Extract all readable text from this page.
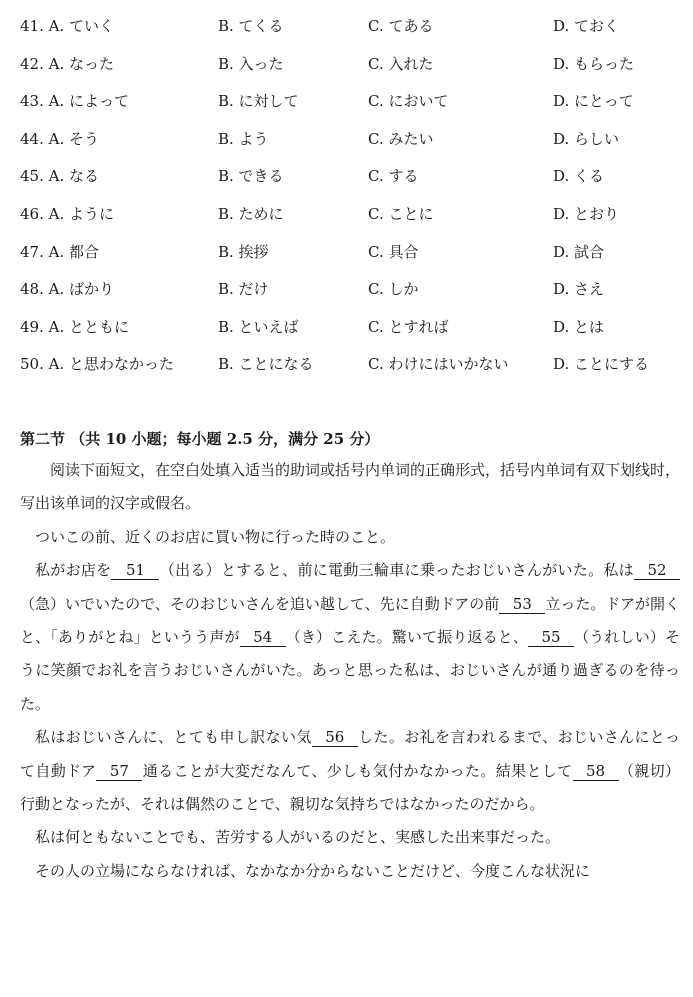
41. A. ていく	B. てくる	C. てある	D. ておく
42. A. なった	B. 入った	C. 入れた	D. もらった
43. A. によって	B. に対して	C. において	D. にとって
44. A. そう	B. よう	C. みたい	D. らしい
45. A. なる	B. できる	C. する	D. くる
46. A. ように	B. ために	C. ことに	D. とおり
47. A. 都合	B. 挨拶	C. 具合	D. 試合
48. A. ばかり	B. だけ	C. しか	D. さえ
49. A. とともに	B. といえば	C. とすれば	D. とは
50. A. と思わなかった	B. ことになる	C. わけにはいかない	D. ことにする
第二节 （共 10 小题；每小题 2.5 分，满分 25 分）

阅读下面短文，在空白处填入适当的助词或括号内单词的正确形式，括号内单词有双下划线时，写出该单词的汉字或假名。

ついこの前、近くのお店に買い物に行った時のこと。

私がお店を 51 （出る）とすると、前に電動三輪車に乗ったおじいさんがいた。私は 52（急）いでいたので、そのおじいさんを追い越して、先に自動ドアの前 53 立った。ドアが開くと、「ありがとね」というう声が 54 （き）こえた。驚いて振り返ると、 55 （うれしい）そうに笑顔でお礼を言うおじいさんがいた。あっと思った私は、おじいさんが通り過ぎるのを待った。

私はおじいさんに、とても申し訳ない気 56 した。お礼を言われるまで、おじいさんにとって自動ドア 57 通ることが大変だなんて、少しも気付かなかった。結果として 58 （親切）行動となったが、それは偶然のことで、親切な気持ちではなかったのだから。

私は何ともないことでも、苦労する人がいるのだと、実感した出来事だった。

その人の立場にならなければ、なかなか分からないことだけど、今度こんな状況に
